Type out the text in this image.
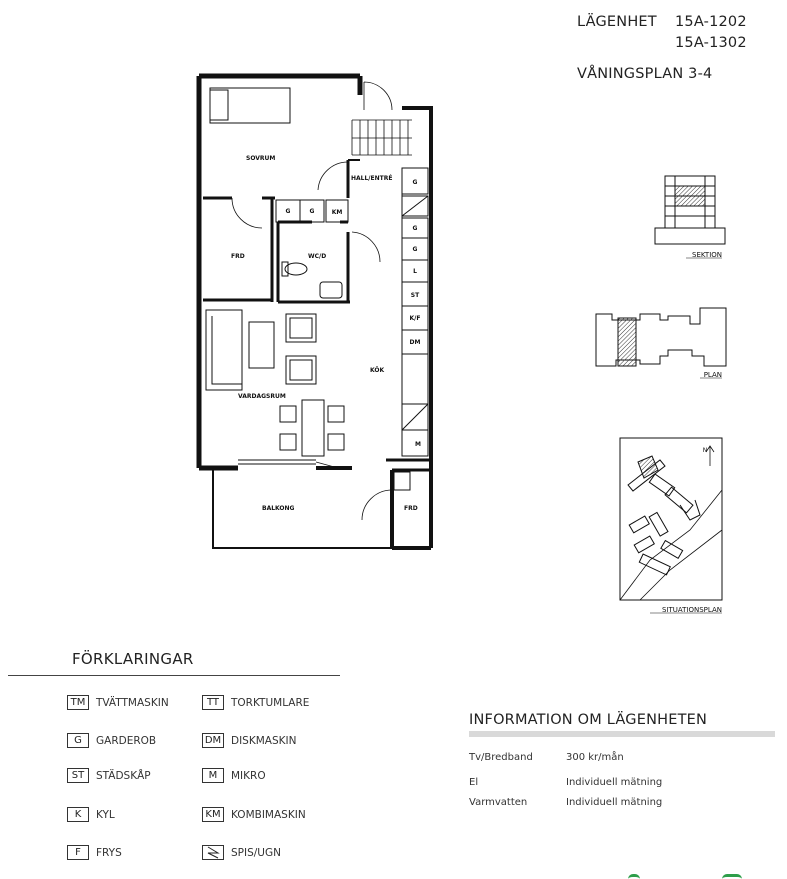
LÄGENHET 15A-1202
15A-1302
VÅNINGSPLAN 3-4
SOVRUM
HALL/ENTRÉ
FRD	WC/D
KÖK
VARDAGSRUM
BALKONG	FRD
G
G	G	KM
G
G
L
ST
K/F
DM
M
SEKTION
PLAN
N
SITUATIONSPLAN
FÖRKLARINGAR
TM	TVÄTTMASKIN	TT	TORKTUMLARE
G	GARDEROB	DM DISKMASKIN
ST	STÄDSKÅP	M	MIKRO
K	KYL	KM KOMBIMASKIN
F	FRYS	SPIS/UGN
INFORMATION OM LÄGENHETEN
Tv/Bredband	300 kr/mån
El	Individuell mätning
Varmvatten	Individuell mätning
